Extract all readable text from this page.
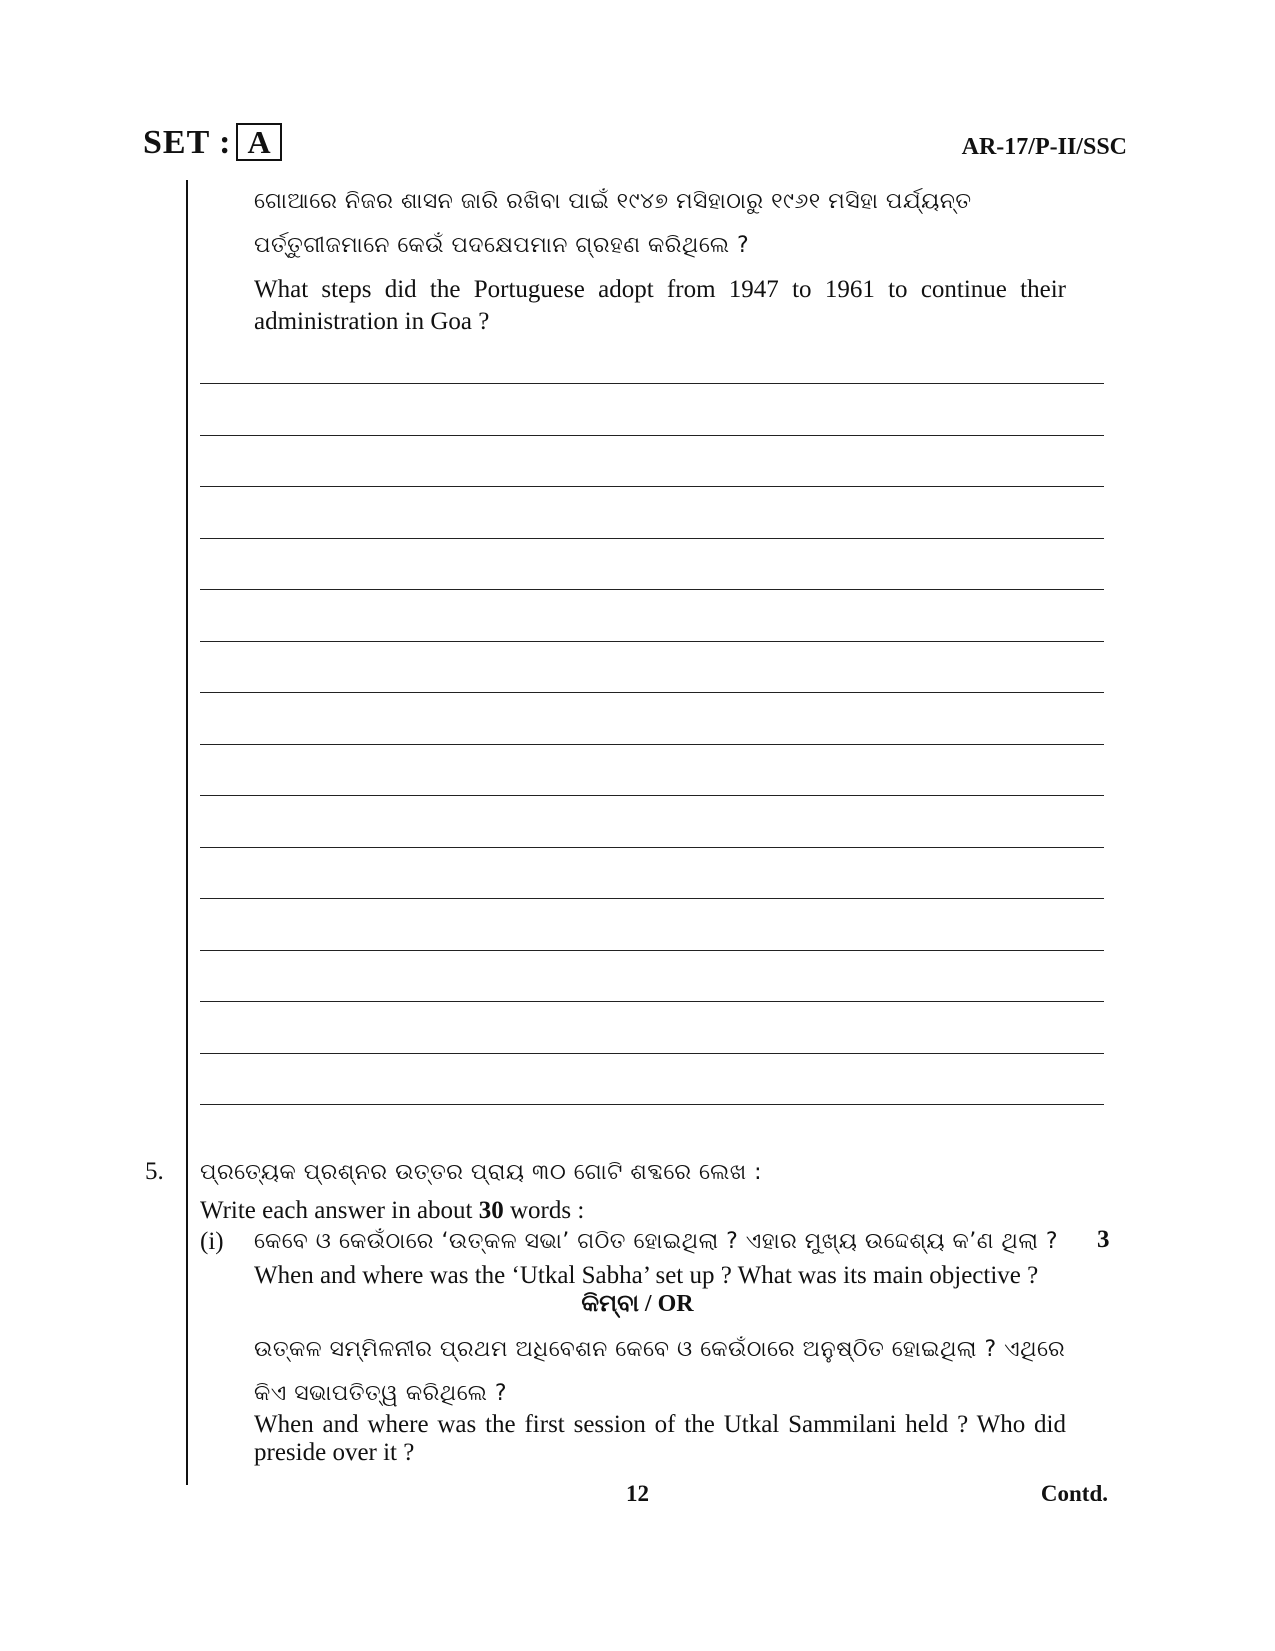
SET : A	AR-17/P-II/SSC
ଗୋଆରେ ନିଜର ଶାସନ ଜାରି ରଖିବା ପାଇଁ ୧୯୪୭ ମସିହାଠାରୁ ୧୯୬୧ ମସିହା ପର୍ଯ୍ୟନ୍ତ
ପର୍ତ୍ତୁଗୀଜମାନେ କେଉଁ ପଦକ୍ଷେପମାନ ଗ୍ରହଣ କରିଥିଲେ ?
What steps did the Portuguese adopt from 1947 to 1961 to continue their administration in Goa ?
5. ପ୍ରତ୍ୟେକ ପ୍ରଶ୍ନର ଉତ୍ତର ପ୍ରାୟ ୩୦ ଗୋଟି ଶବ୍ଦରେ ଲେଖ :
Write each answer in about 30 words :
(i) କେବେ ଓ କେଉଁଠାରେ ‘ଉତ୍କଳ ସଭା’ ଗଠିତ ହୋଇଥିଲା ? ଏହାର ମୁଖ୍ୟ ଉଦ୍ଦେଶ୍ୟ କ’ଣ ଥିଲା ? 3
When and where was the ‘Utkal Sabha’ set up ? What was its main objective ?
କିମ୍ବା / OR
ଉତ୍କଳ ସମ୍ମିଳନୀର ପ୍ରଥମ ଅଧିବେଶନ କେବେ ଓ କେଉଁଠାରେ ଅନୁଷ୍ଠିତ ହୋଇଥିଲା ? ଏଥିରେ
କିଏ ସଭାପତିତ୍ୱ କରିଥିଲେ ?
When and where was the first session of the Utkal Sammilani held ? Who did preside over it ?
12	Contd.
